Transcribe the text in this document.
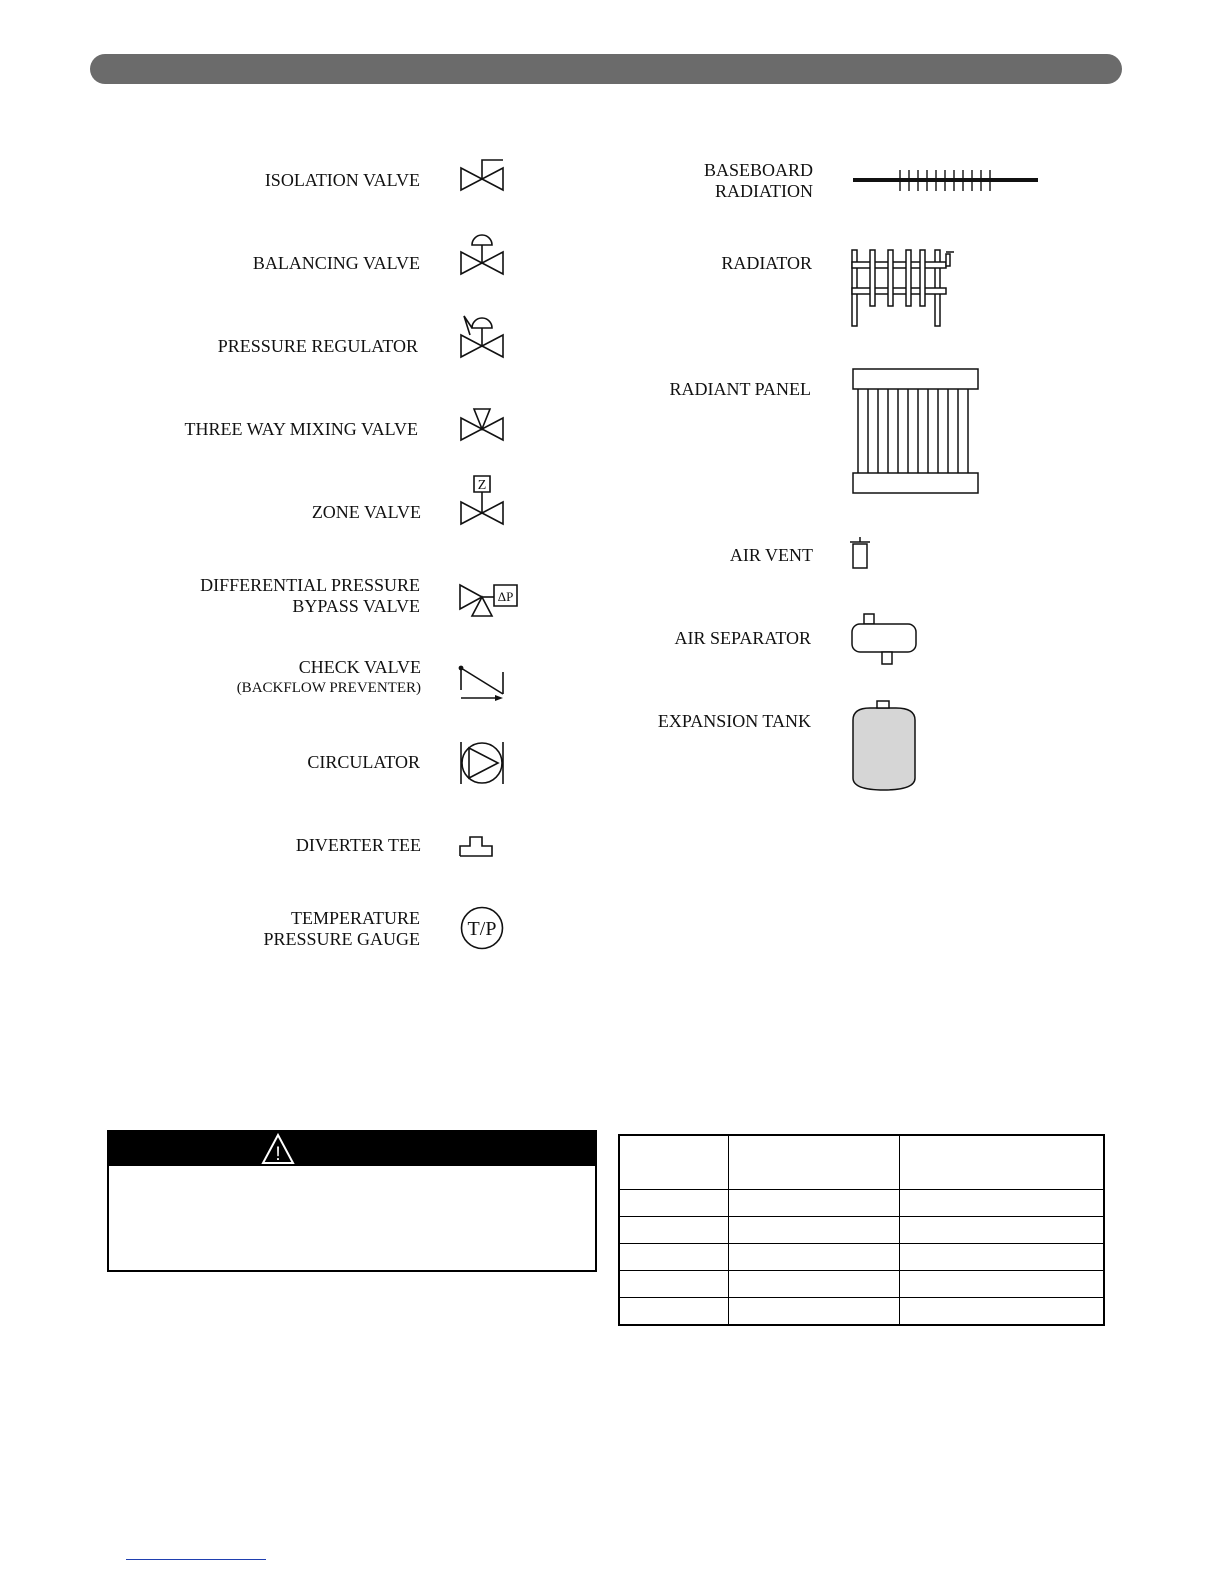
ISOLATION VALVE
BALANCING VALVE
PRESSURE REGULATOR
THREE WAY MIXING VALVE
ZONE VALVE
DIFFERENTIAL PRESSURE
BYPASS VALVE
CHECK VALVE
(BACKFLOW PREVENTER)
CIRCULATOR
DIVERTER TEE
TEMPERATURE
PRESSURE GAUGE
BASEBOARD
RADIATION
RADIATOR
RADIANT PANEL
AIR VENT
AIR SEPARATOR
EXPANSION TANK
Z
ΔP
T/P
!
